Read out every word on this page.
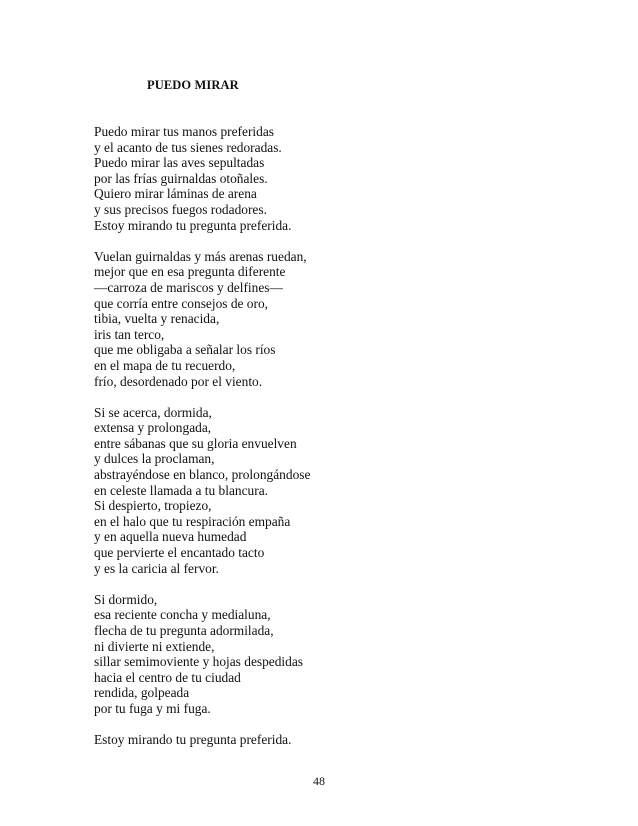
PUEDO MIRAR
Puedo mirar tus manos preferidas
y el acanto de tus sienes redoradas.
Puedo mirar las aves sepultadas
por las frías guirnaldas otoñales.
Quiero mirar láminas de arena
y sus precisos fuegos rodadores.
Estoy mirando tu pregunta preferida.
Vuelan guirnaldas y más arenas ruedan,
mejor que en esa pregunta diferente
—carroza de mariscos y delfines—
que corría entre consejos de oro,
tibia, vuelta y renacida,
iris tan terco,
que me obligaba a señalar los ríos
en el mapa de tu recuerdo,
frío, desordenado por el viento.
Si se acerca, dormida,
extensa y prolongada,
entre sábanas que su gloria envuelven
y dulces la proclaman,
abstrayéndose en blanco, prolongándose
en celeste llamada a tu blancura.
Si despierto, tropiezo,
en el halo que tu respiración empaña
y en aquella nueva humedad
que pervierte el encantado tacto
y es la caricia al fervor.
Si dormido,
esa reciente concha y medialuna,
flecha de tu pregunta adormilada,
ni divierte ni extiende,
sillar semimoviente y hojas despedidas
hacia el centro de tu ciudad
rendida, golpeada
por tu fuga y mi fuga.
Estoy mirando tu pregunta preferida.
48
